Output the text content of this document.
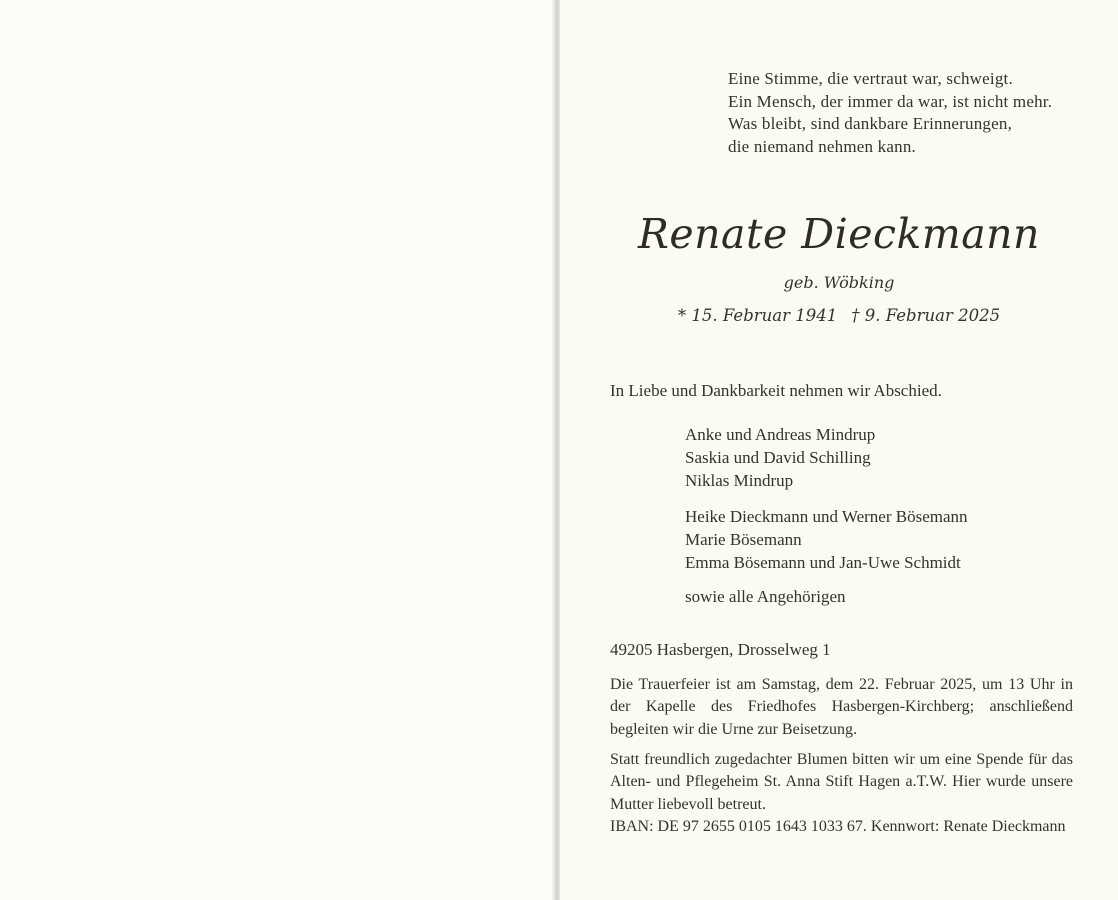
Eine Stimme, die vertraut war, schweigt.
Ein Mensch, der immer da war, ist nicht mehr.
Was bleibt, sind dankbare Erinnerungen,
die niemand nehmen kann.
Renate Dieckmann
geb. Wöbking
* 15. Februar 1941 † 9. Februar 2025
In Liebe und Dankbarkeit nehmen wir Abschied.
Anke und Andreas Mindrup
Saskia und David Schilling
Niklas Mindrup
Heike Dieckmann und Werner Bösemann
Marie Bösemann
Emma Bösemann und Jan-Uwe Schmidt
sowie alle Angehörigen
49205 Hasbergen, Drosselweg 1
Die Trauerfeier ist am Samstag, dem 22. Februar 2025, um 13 Uhr in
der Kapelle des Friedhofes Hasbergen-Kirchberg; anschließend
begleiten wir die Urne zur Beisetzung.
Statt freundlich zugedachter Blumen bitten wir um eine Spende für das
Alten- und Pflegeheim St. Anna Stift Hagen a.T.W. Hier wurde unsere
Mutter liebevoll betreut.
IBAN: DE 97 2655 0105 1643 1033 67. Kennwort: Renate Dieckmann
